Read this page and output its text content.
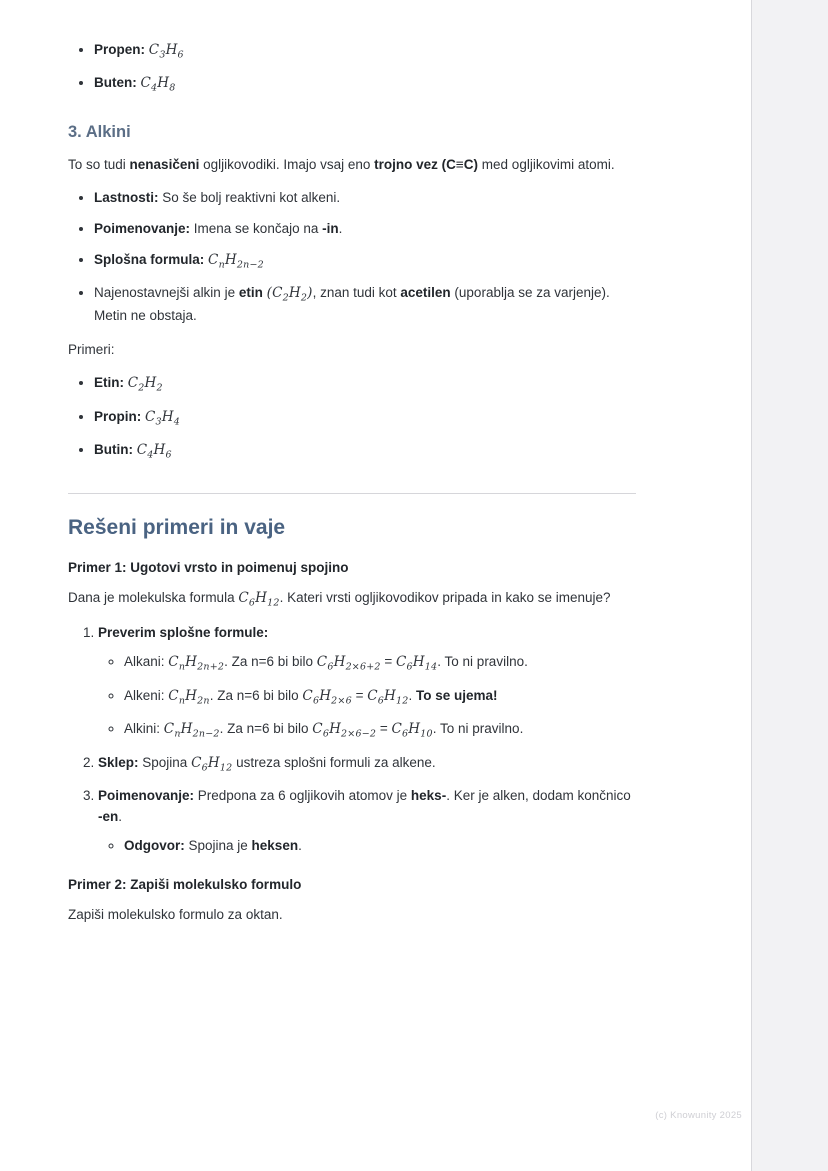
• Propen: $C_3H_6$
• Buten: $C_4H_8$
3. Alkini

To so tudi nenasičeni ogljikovodiki. Imajo vsaj eno trojno vez (C≡C) med ogljikovimi atomi.

• Lastnosti: So še bolj reaktivni kot alkeni.
• Poimenovanje: Imena se končajo na -in.
• Splošna formula: $C_nH_{2n-2}$
• Najenostavnejši alkin je etin $(C_2H_2)$, znan tudi kot acetilen (uporablja se za varjenje). Metin ne obstaja.

Primeri:

• Etin: $C_2H_2$
• Propin: $C_3H_4$
• Butin: $C_4H_6$
Rešeni primeri in vaje
Primer 1: Ugotovi vrsto in poimenuj spojino

Dana je molekulska formula $C_6H_{12}$. Kateri vrsti ogljikovodikov pripada in kako se imenuje?

1. Preverim splošne formule:
◦ Alkani: $C_nH_{2n+2}$. Za n=6 bi bilo $C_6H_{2\times 6+2} = C_6H_{14}$. To ni pravilno.
◦ Alkeni: $C_nH_{2n}$. Za n=6 bi bilo $C_6H_{2\times 6} = C_6H_{12}$. To se ujema!
◦ Alkini: $C_nH_{2n-2}$. Za n=6 bi bilo $C_6H_{2\times 6-2} = C_6H_{10}$. To ni pravilno.
2. Sklep: Spojina $C_6H_{12}$ ustreza splošni formuli za alkene.
3. Poimenovanje: Predpona za 6 ogljikovih atomov je heks-. Ker je alken, dodam končnico -en.
◦ Odgovor: Spojina je heksen.
Primer 2: Zapiši molekulsko formulo

Zapiši molekulsko formulo za oktan.

(c) Knowunity 2025
